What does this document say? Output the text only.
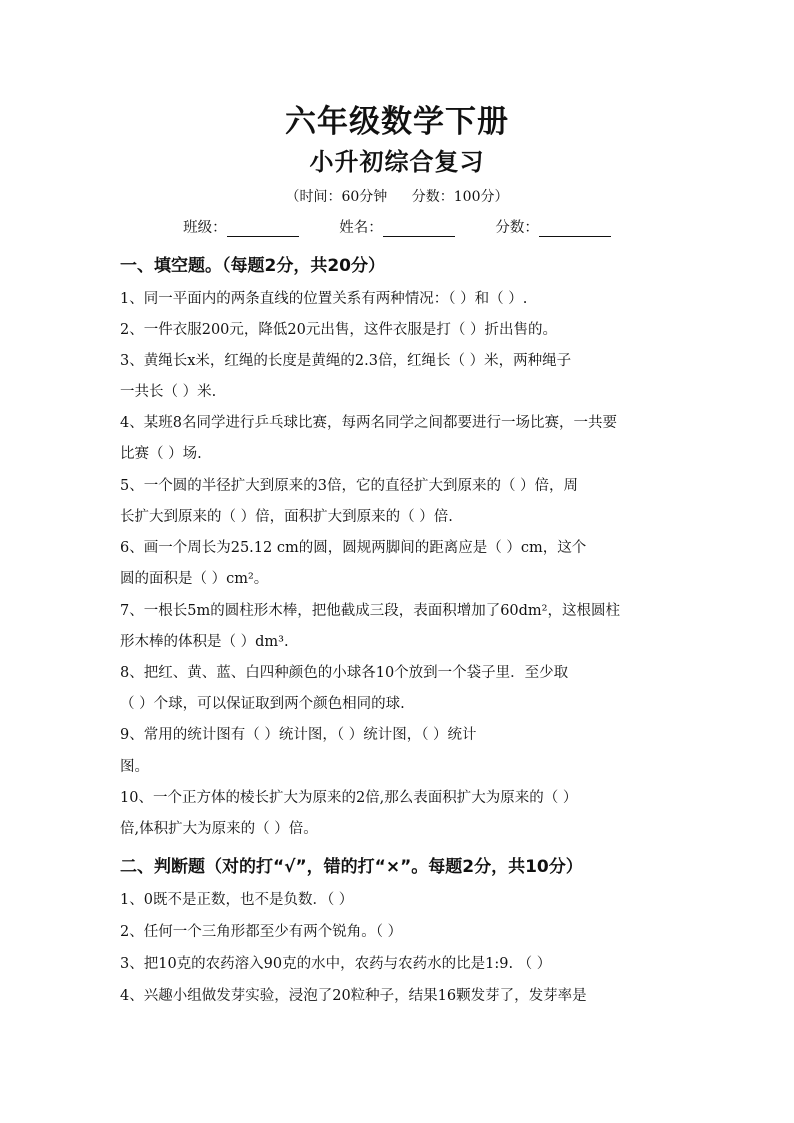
六年级数学下册
小升初综合复习
（时间：60分钟 分数：100分）
班级：	姓名：	分数：
一、填空题。（每题2分，共20分）
1、同一平面内的两条直线的位置关系有两种情况：（ ）和（ ）.
2、一件衣服200元，降低20元出售，这件衣服是打（ ）折出售的。
3、黄绳长x米，红绳的长度是黄绳的2.3倍，红绳长（ ）米，两种绳子
一共长（ ）米.
4、某班8名同学进行乒乓球比赛，每两名同学之间都要进行一场比赛，一共要
比赛（ ）场.
5、一个圆的半径扩大到原来的3倍，它的直径扩大到原来的（ ）倍，周
长扩大到原来的（ ）倍，面积扩大到原来的（ ）倍.
6、画一个周长为25.12 cm的圆，圆规两脚间的距离应是（ ）cm，这个
圆的面积是（ ）cm²。
7、一根长5m的圆柱形木棒，把他截成三段，表面积增加了60dm²，这根圆柱
形木棒的体积是（ ）dm³.
8、把红、黄、蓝、白四种颜色的小球各10个放到一个袋子里．至少取
（ ）个球，可以保证取到两个颜色相同的球.
9、常用的统计图有（ ）统计图，（ ）统计图，（ ）统计
图。
10、一个正方体的棱长扩大为原来的2倍,那么表面积扩大为原来的（ ）
倍,体积扩大为原来的（ ）倍。
二、判断题（对的打“√”，错的打“×”。每题2分，共10分）
1、0既不是正数，也不是负数．（ ）
2、任何一个三角形都至少有两个锐角。（ ）
3、把10克的农药溶入90克的水中，农药与农药水的比是1:9. （ ）
4、兴趣小组做发芽实验，浸泡了20粒种子，结果16颗发芽了，发芽率是
